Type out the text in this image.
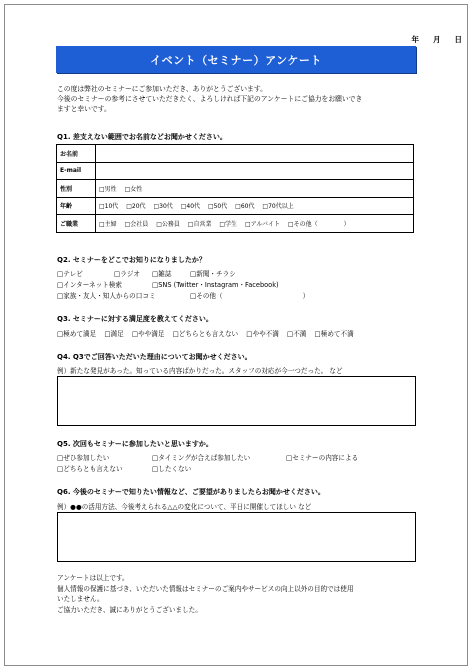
年 月 日
イベント（セミナー）アンケート
この度は弊社のセミナーにご参加いただき、ありがとうございます。
今後のセミナーの参考にさせていただきたく、よろしければ下記のアンケートにご協力をお願いでき
ますと幸いです。
Q1. 差支えない範囲でお名前などお聞かせください。
お名前	
E-mail	
性別	□男性 □女性
年齢	□10代 □20代 □30代 □40代 □50代 □60代 □70代以上
ご職業	□主婦 □会社員 □公務員 □自営業 □学生 □アルバイト □その他（ ）
Q2. セミナーをどこでお知りになりましたか？
□テレビ	□ラジオ □雑誌	□新聞・チラシ
□インターネット検索	□SNS (Twitter・Instagram・Facebook)
□家族・友人・知人からの口コミ	□その他（	）
Q3. セミナーに対する満足度を教えてください。
□極めて満足 □満足 □やや満足 □どちらとも言えない □やや不満 □不満 □極めて不満
Q4. Q3でご回答いただいた理由についてお聞かせください。
例）新たな発見があった。知っている内容ばかりだった。スタッフの対応が今一つだった。 など
Q5. 次回もセミナーに参加したいと思いますか。
□ぜひ参加したい	□タイミングが合えば参加したい	□セミナーの内容による
□どちらとも言えない	□したくない
Q6. 今後のセミナーで知りたい情報など、ご要望がありましたらお聞かせください。
例）●●の活用方法、今後考えられる△△の変化について、平日に開催してほしい など
アンケートは以上です。
個人情報の保護に基づき、いただいた情報はセミナーのご案内やサービスの向上以外の目的では使用
いたしません。
ご協力いただき、誠にありがとうございました。
